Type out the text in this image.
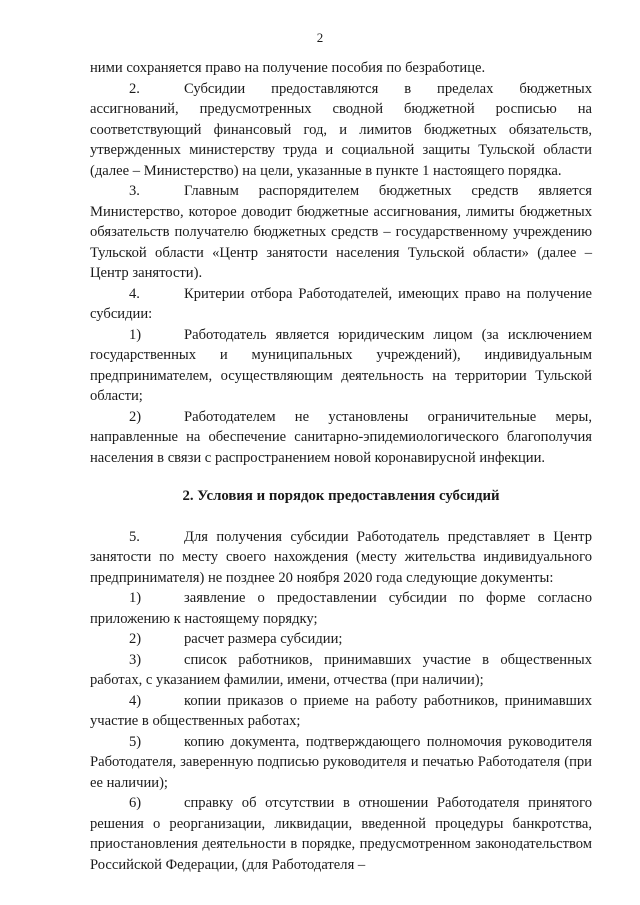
2

ними сохраняется право на получение пособия по безработице.

2.	Субсидии предоставляются в пределах бюджетных ассигнований, предусмотренных сводной бюджетной росписью на соответствующий финансовый год, и лимитов бюджетных обязательств, утвержденных министерству труда и социальной защиты Тульской области (далее – Министерство) на цели, указанные в пункте 1 настоящего порядка.

3.	Главным распорядителем бюджетных средств является Министерство, которое доводит бюджетные ассигнования, лимиты бюджетных обязательств получателю бюджетных средств – государственному учреждению Тульской области «Центр занятости населения Тульской области» (далее – Центр занятости).

4.	Критерии отбора Работодателей, имеющих право на получение субсидии:

1)	Работодатель является юридическим лицом (за исключением государственных и муниципальных учреждений), индивидуальным предпринимателем, осуществляющим деятельность на территории Тульской области;

2)	Работодателем не установлены ограничительные меры, направленные на обеспечение санитарно-эпидемиологического благополучия населения в связи с распространением новой коронавирусной инфекции.

2. Условия и порядок предоставления субсидий

5.	Для получения субсидии Работодатель представляет в Центр занятости по месту своего нахождения (месту жительства индивидуального предпринимателя) не позднее 20 ноября 2020 года следующие документы:

1)	заявление о предоставлении субсидии по форме согласно приложению к настоящему порядку;

2)	расчет размера субсидии;

3)	список работников, принимавших участие в общественных работах, с указанием фамилии, имени, отчества (при наличии);

4)	копии приказов о приеме на работу работников, принимавших участие в общественных работах;

5)	копию документа, подтверждающего полномочия руководителя Работодателя, заверенную подписью руководителя и печатью Работодателя (при ее наличии);

6)	справку об отсутствии в отношении Работодателя принятого решения о реорганизации, ликвидации, введенной процедуры банкротства, приостановления деятельности в порядке, предусмотренном законодательством Российской Федерации, (для Работодателя –
